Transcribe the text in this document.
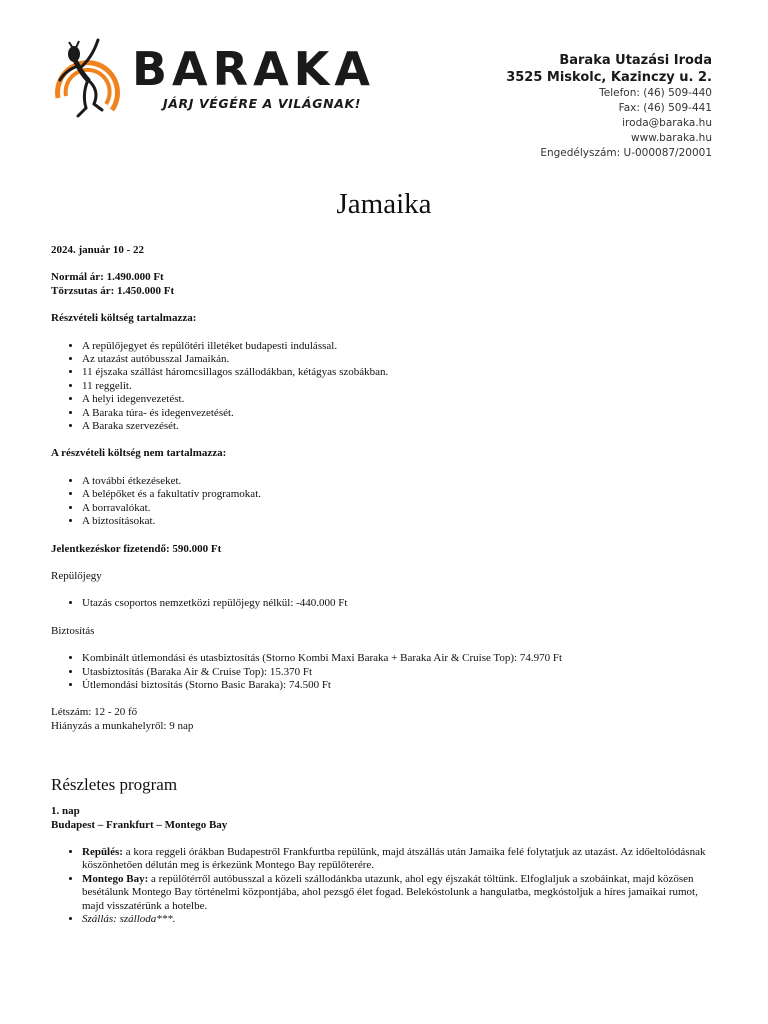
BARAKA
JÁRJ VÉGÉRE A VILÁGNAK!
Baraka Utazási Iroda
3525 Miskolc, Kazinczy u. 2.
Telefon: (46) 509-440
Fax: (46) 509-441
iroda@baraka.hu
www.baraka.hu
Engedélyszám: U-000087/20001
Jamaika

2024. január 10 - 22

Normál ár: 1.490.000 Ft

Törzsutas ár: 1.450.000 Ft

Részvételi költség tartalmazza:

• A repülőjegyet és repülőtéri illetéket budapesti indulással.
• Az utazást autóbusszal Jamaikán.
• 11 éjszaka szállást háromcsillagos szállodákban, kétágyas szobákban.
• 11 reggelit.
• A helyi idegenvezetést.
• A Baraka túra- és idegenvezetését.
• A Baraka szervezését.

A részvételi költség nem tartalmazza:

• A további étkezéseket.
• A belépőket és a fakultatív programokat.
• A borravalókat.
• A biztosításokat.

Jelentkezéskor fizetendő: 590.000 Ft

Repülőjegy

• Utazás csoportos nemzetközi repülőjegy nélkül: -440.000 Ft

Biztosítás

• Kombinált útlemondási és utasbiztosítás (Storno Kombi Maxi Baraka + Baraka Air & Cruise Top): 74.970 Ft
• Utasbiztosítás (Baraka Air & Cruise Top): 15.370 Ft
• Útlemondási biztosítás (Storno Basic Baraka): 74.500 Ft

Létszám: 12 - 20 fő

Hiányzás a munkahelyről: 9 nap

Részletes program

1. nap

Budapest – Frankfurt – Montego Bay

• Repülés: a kora reggeli órákban Budapestről Frankfurtba repülünk, majd átszállás után Jamaika felé folytatjuk az utazást. Az időeltolódásnak köszönhetően délután meg is érkezünk Montego Bay repülőterére.
• Montego Bay: a repülőtérről autóbusszal a közeli szállodánkba utazunk, ahol egy éjszakát töltünk. Elfoglaljuk a szobáinkat, majd közösen besétálunk Montego Bay történelmi központjába, ahol pezsgő élet fogad. Belekóstolunk a hangulatba, megkóstoljuk a híres jamaikai rumot, majd visszatérünk a hotelbe.
• Szállás: szálloda***.
